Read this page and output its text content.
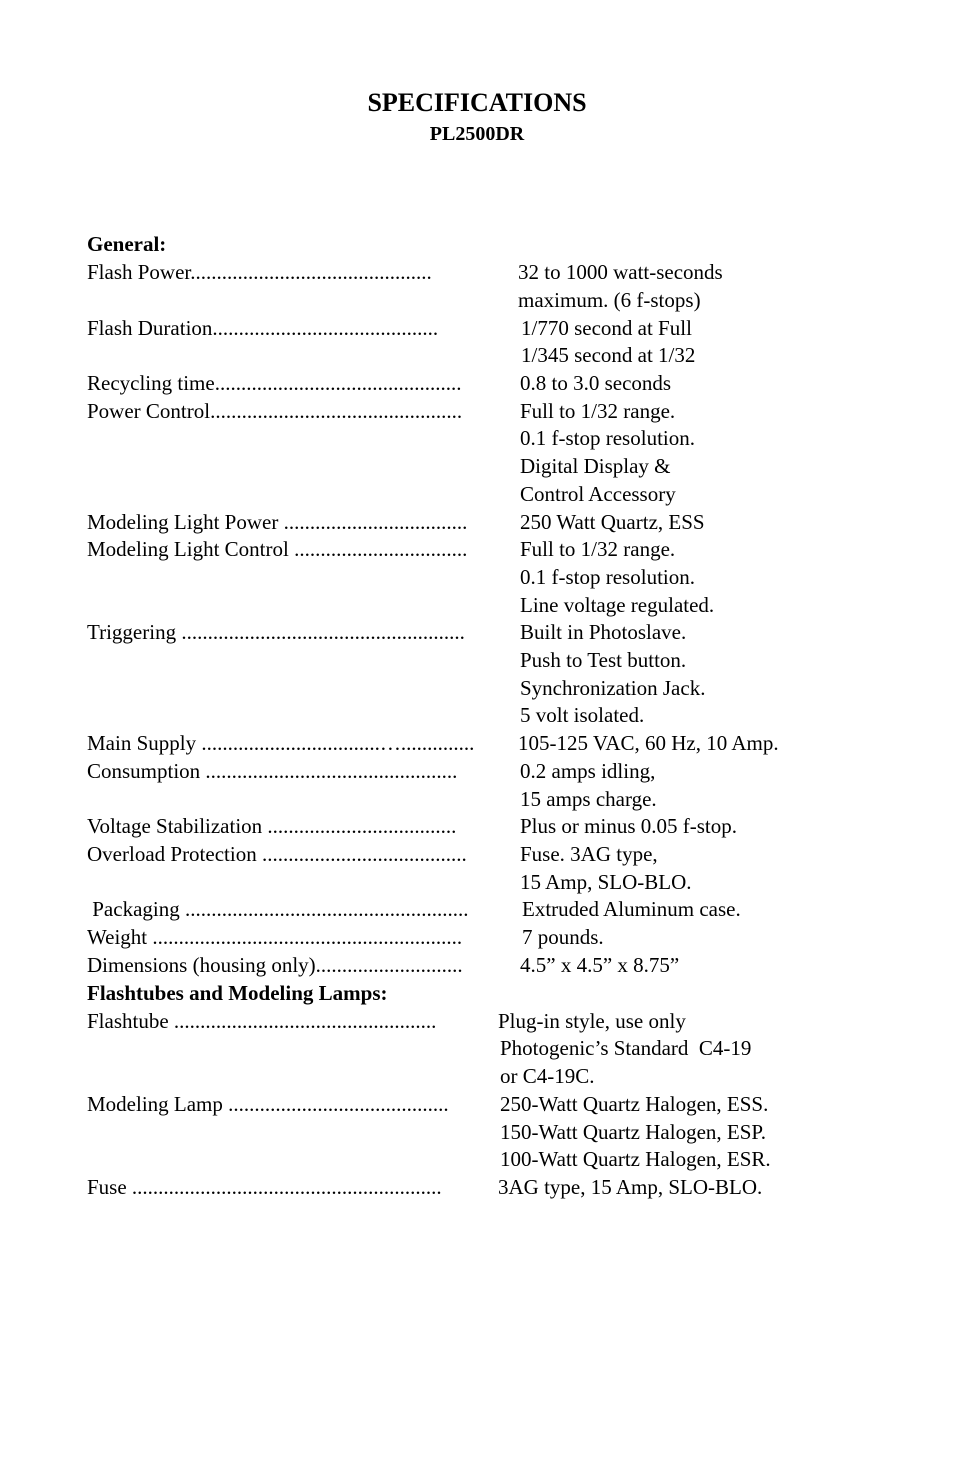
SPECIFICATIONS
PL2500DR
General:

Flash Power..............................................

	32 to 1000 watt-seconds

maximum. (6 f-stops)

Flash Duration...........................................

	1/770 second at Full

1/345 second at 1/32

Recycling time...............................................

	0.8 to 3.0 seconds

Power Control................................................

	Full to 1/32 range.

0.1 f-stop resolution.

Digital Display &

Control Accessory

Modeling Light Power ...................................

	250 Watt Quartz, ESS

Modeling Light Control .................................

	Full to 1/32 range.

0.1 f-stop resolution.

Line voltage regulated.

Triggering ......................................................

	Built in Photoslave.

Push to Test button.

Synchronization Jack.

5 volt isolated.

Main Supply ..................................…..............

105-125 VAC, 60 Hz, 10 Amp.

Consumption ................................................

	0.2 amps idling,

15 amps charge.

Voltage Stabilization ....................................

	Plus or minus 0.05 f-stop.

Overload Protection .......................................

	Fuse. 3AG type,

15 Amp, SLO-BLO.

Packaging ......................................................

	Extruded Aluminum case.

Weight ...........................................................

	7 pounds.

Dimensions (housing only)............................

	4.5” x 4.5” x 8.75”

Flashtubes and Modeling Lamps:

Flashtube ..................................................

	Plug-in style, use only

Photogenic’s Standard  C4-19

or C4-19C.

Modeling Lamp ..........................................

250-Watt Quartz Halogen, ESS.

150-Watt Quartz Halogen, ESP.

100-Watt Quartz Halogen, ESR.

Fuse ...........................................................

	3AG type, 15 Amp, SLO-BLO.
